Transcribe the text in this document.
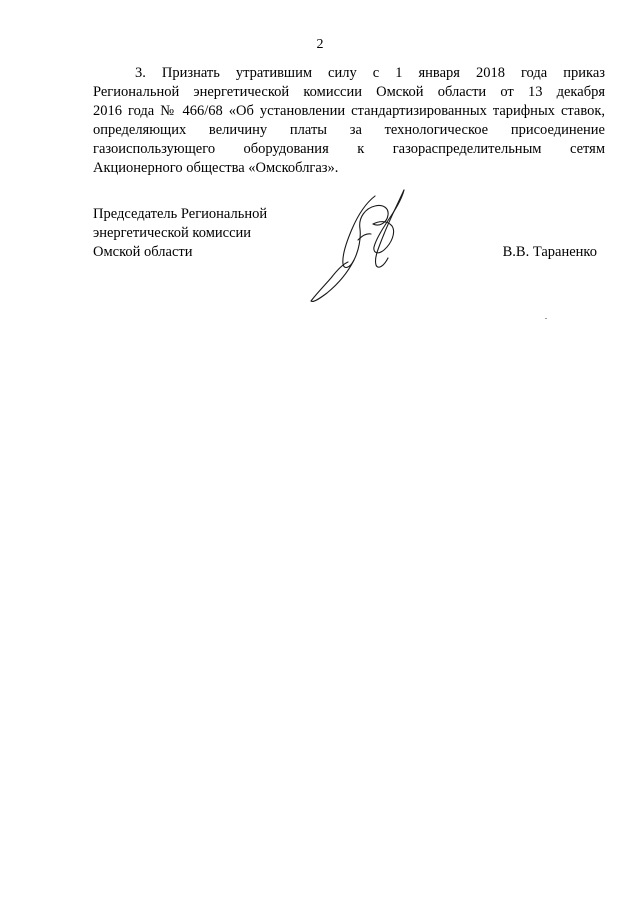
2
3. Признать утратившим силу с 1 января 2018 года приказ
Региональной энергетической комиссии Омской области от 13 декабря
2016 года № 466/68 «Об установлении стандартизированных тарифных ставок,
определяющих величину платы за технологическое присоединение
газоиспользующего оборудования к газораспределительным сетям
Акционерного общества «Омскоблгаз».
Председатель Региональной
энергетической комиссии
Омской области	В.В. Тараненко
